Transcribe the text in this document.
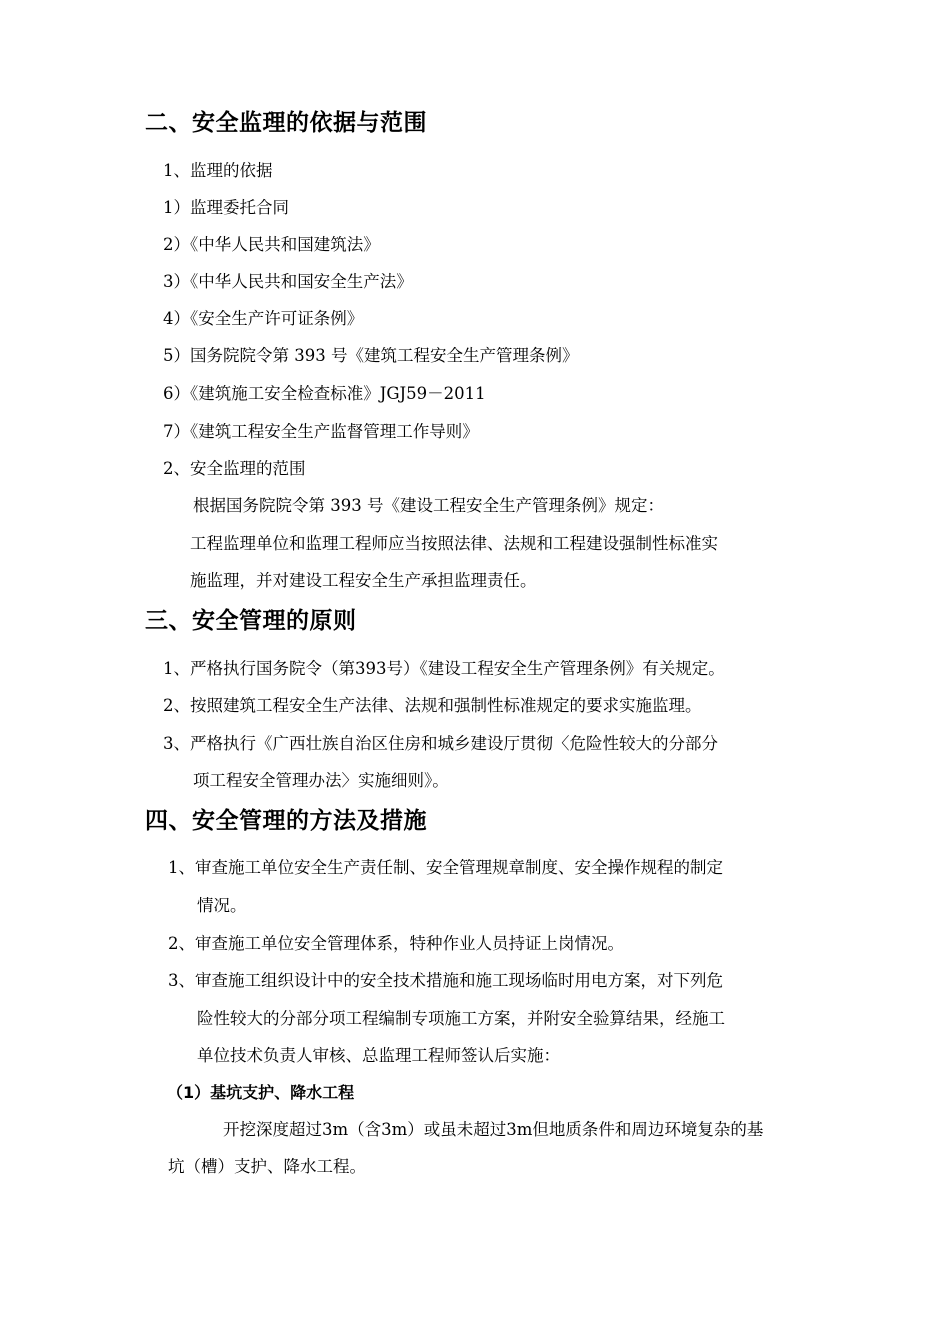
二、安全监理的依据与范围
1、监理的依据
1）监理委托合同
2）《中华人民共和国建筑法》
3）《中华人民共和国安全生产法》
4）《安全生产许可证条例》
5）国务院院令第 393 号《建筑工程安全生产管理条例》
6）《建筑施工安全检查标准》JGJ59－2011
7）《建筑工程安全生产监督管理工作导则》
2、安全监理的范围
根据国务院院令第 393 号《建设工程安全生产管理条例》规定：
工程监理单位和监理工程师应当按照法律、法规和工程建设强制性标准实
施监理，并对建设工程安全生产承担监理责任。
三、安全管理的原则
1、严格执行国务院令（第393号）《建设工程安全生产管理条例》有关规定。
2、按照建筑工程安全生产法律、法规和强制性标准规定的要求实施监理。
3、严格执行《广西壮族自治区住房和城乡建设厅贯彻〈危险性较大的分部分
项工程安全管理办法〉实施细则》。
四、安全管理的方法及措施
1、审查施工单位安全生产责任制、安全管理规章制度、安全操作规程的制定
情况。
2、审查施工单位安全管理体系，特种作业人员持证上岗情况。
3、审查施工组织设计中的安全技术措施和施工现场临时用电方案，对下列危
险性较大的分部分项工程编制专项施工方案，并附安全验算结果，经施工
单位技术负责人审核、总监理工程师签认后实施：
（1）基坑支护、降水工程
开挖深度超过3m（含3m）或虽未超过3m但地质条件和周边环境复杂的基
坑（槽）支护、降水工程。
